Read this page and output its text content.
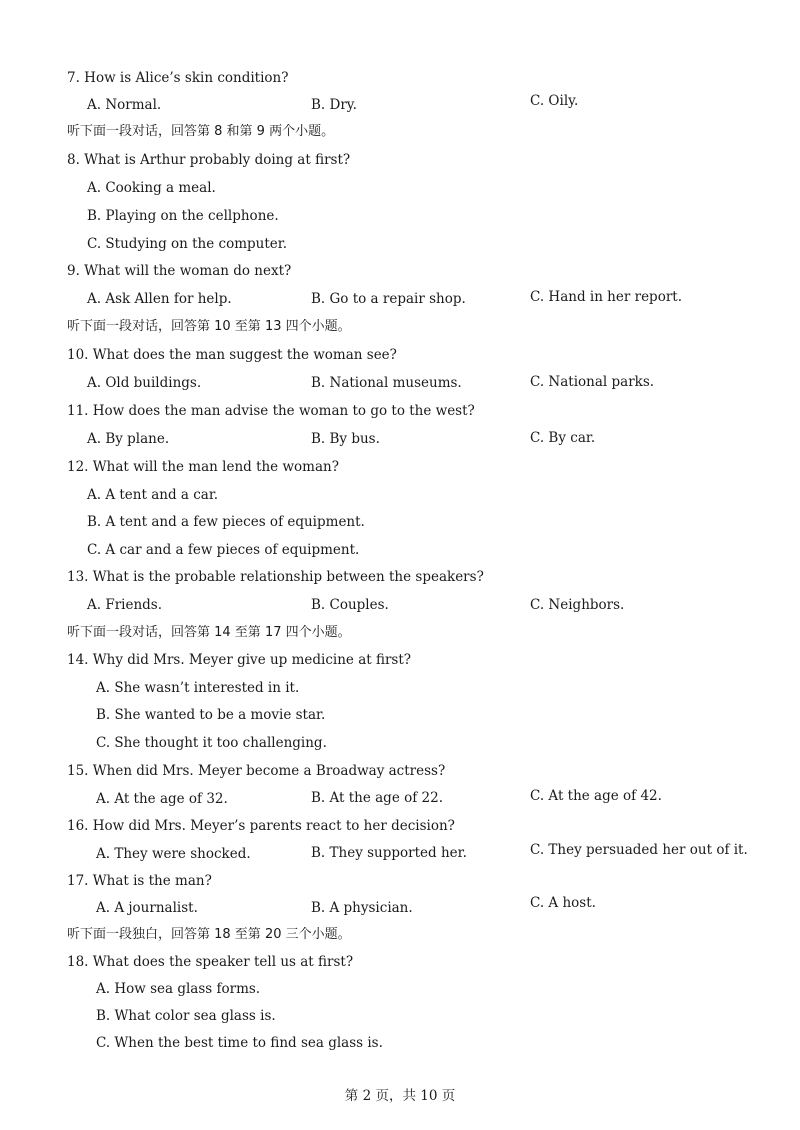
7. How is Alice’s skin condition?
A. Normal.	B. Dry.	C. Oily.
听下面一段对话，回答第 8 和第 9 两个小题。
8. What is Arthur probably doing at first?
A. Cooking a meal.
B. Playing on the cellphone.
C. Studying on the computer.
9. What will the woman do next?
A. Ask Allen for help.	B. Go to a repair shop.	C. Hand in her report.
听下面一段对话，回答第 10 至第 13 四个小题。
10. What does the man suggest the woman see?
A. Old buildings.	B. National museums.	C. National parks.
11. How does the man advise the woman to go to the west?
A. By plane.	B. By bus.	C. By car.
12. What will the man lend the woman?
A. A tent and a car.
B. A tent and a few pieces of equipment.
C. A car and a few pieces of equipment.
13. What is the probable relationship between the speakers?
A. Friends.	B. Couples.	C. Neighbors.
听下面一段对话，回答第 14 至第 17 四个小题。
14. Why did Mrs. Meyer give up medicine at first?
A. She wasn’t interested in it.
B. She wanted to be a movie star.
C. She thought it too challenging.
15. When did Mrs. Meyer become a Broadway actress?
A. At the age of 32.	B. At the age of 22.	C. At the age of 42.
16. How did Mrs. Meyer’s parents react to her decision?
A. They were shocked.	B. They supported her.	C. They persuaded her out of it.
17. What is the man?
A. A journalist.	B. A physician.	C. A host.
听下面一段独白，回答第 18 至第 20 三个小题。
18. What does the speaker tell us at first?
A. How sea glass forms.
B. What color sea glass is.
C. When the best time to find sea glass is.
第 2 页，共 10 页
